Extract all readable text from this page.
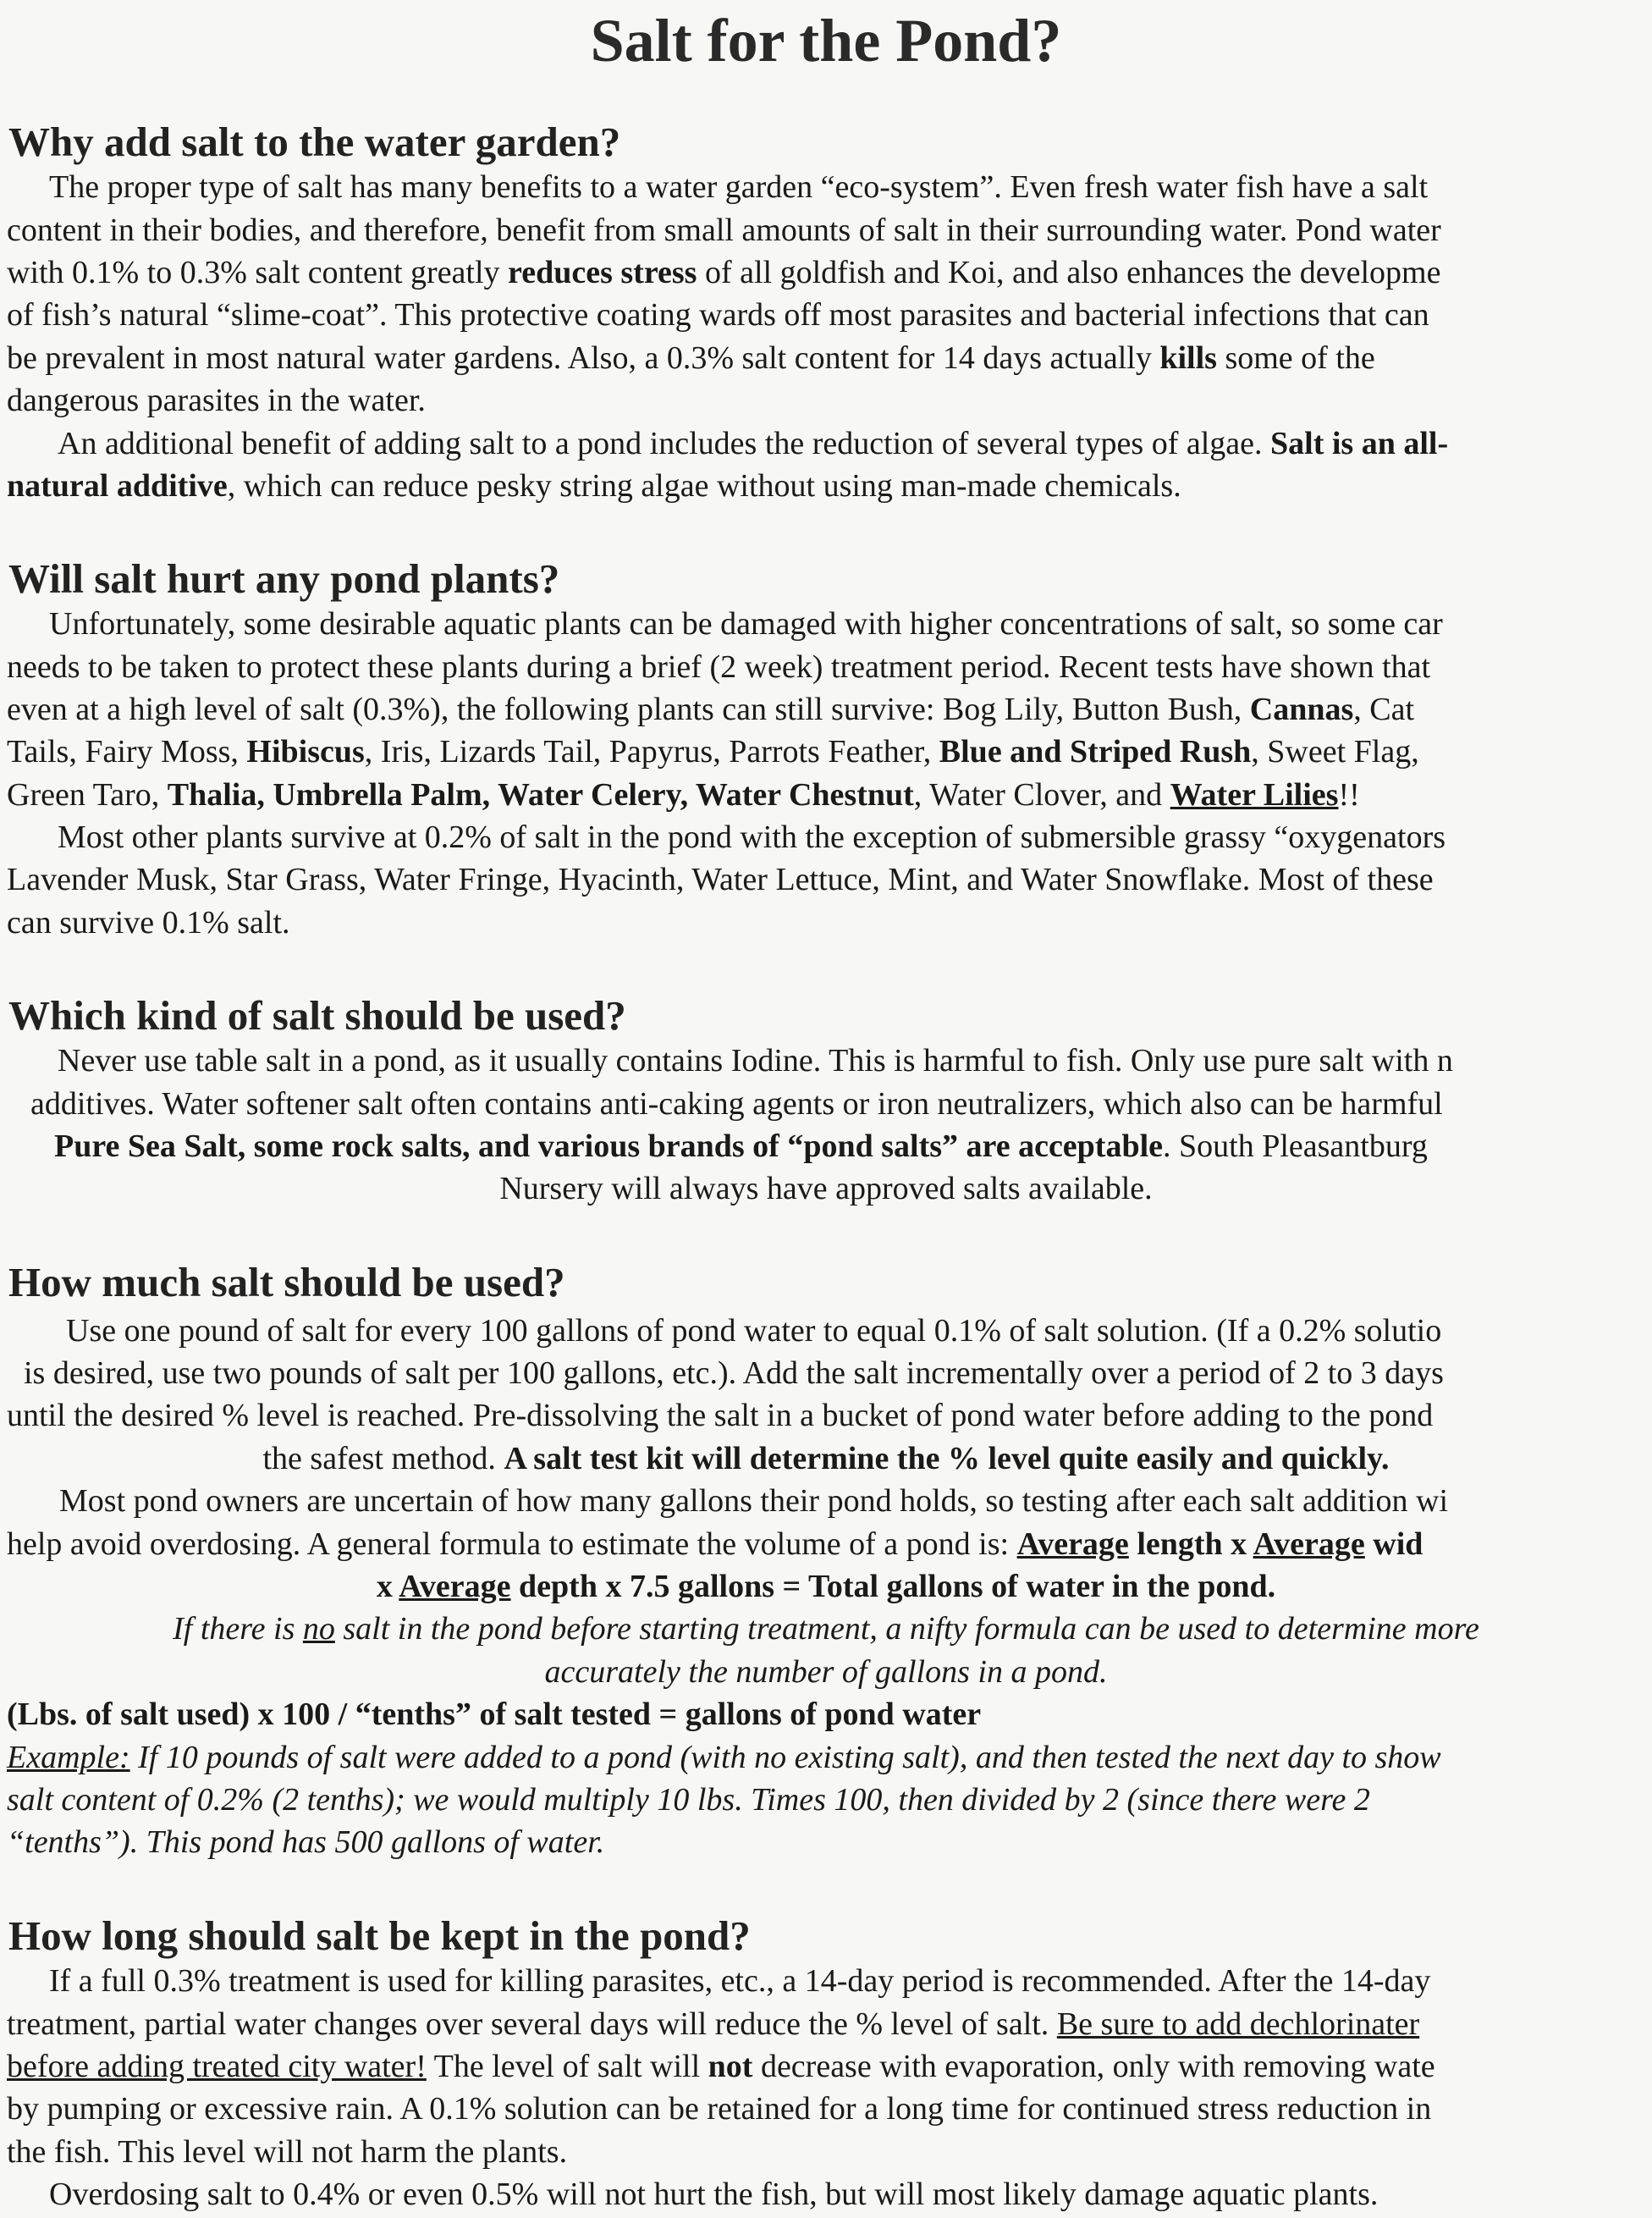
Salt for the Pond?
Why add salt to the water garden?

The proper type of salt has many benefits to a water garden “eco-system”. Even fresh water fish have a salt

content in their bodies, and therefore, benefit from small amounts of salt in their surrounding water. Pond water

with 0.1% to 0.3% salt content greatly reduces stress of all goldfish and Koi, and also enhances the developme

of fish’s natural “slime-coat”. This protective coating wards off most parasites and bacterial infections that can

be prevalent in most natural water gardens. Also, a 0.3% salt content for 14 days actually kills some of the

dangerous parasites in the water.

An additional benefit of adding salt to a pond includes the reduction of several types of algae. Salt is an all-

natural additive, which can reduce pesky string algae without using man-made chemicals.

Will salt hurt any pond plants?

Unfortunately, some desirable aquatic plants can be damaged with higher concentrations of salt, so some car

needs to be taken to protect these plants during a brief (2 week) treatment period. Recent tests have shown that

even at a high level of salt (0.3%), the following plants can still survive: Bog Lily, Button Bush, Cannas, Cat

Tails, Fairy Moss, Hibiscus, Iris, Lizards Tail, Papyrus, Parrots Feather, Blue and Striped Rush, Sweet Flag,

Green Taro, Thalia, Umbrella Palm, Water Celery, Water Chestnut, Water Clover, and Water Lilies!!

Most other plants survive at 0.2% of salt in the pond with the exception of submersible grassy “oxygenators

Lavender Musk, Star Grass, Water Fringe, Hyacinth, Water Lettuce, Mint, and Water Snowflake. Most of these

can survive 0.1% salt.

Which kind of salt should be used?

Never use table salt in a pond, as it usually contains Iodine. This is harmful to fish. Only use pure salt with n

additives. Water softener salt often contains anti-caking agents or iron neutralizers, which also can be harmful

Pure Sea Salt, some rock salts, and various brands of “pond salts” are acceptable. South Pleasantburg

Nursery will always have approved salts available.

How much salt should be used?

Use one pound of salt for every 100 gallons of pond water to equal 0.1% of salt solution. (If a 0.2% solutio

is desired, use two pounds of salt per 100 gallons, etc.). Add the salt incrementally over a period of 2 to 3 days

until the desired % level is reached. Pre-dissolving the salt in a bucket of pond water before adding to the pond

the safest method. A salt test kit will determine the % level quite easily and quickly.

Most pond owners are uncertain of how many gallons their pond holds, so testing after each salt addition wi

help avoid overdosing. A general formula to estimate the volume of a pond is: Average length x Average wid

x Average depth x 7.5 gallons = Total gallons of water in the pond.

If there is no salt in the pond before starting treatment, a nifty formula can be used to determine more

accurately the number of gallons in a pond.

(Lbs. of salt used) x 100 / “tenths” of salt tested = gallons of pond water

Example: If 10 pounds of salt were added to a pond (with no existing salt), and then tested the next day to show

salt content of 0.2% (2 tenths); we would multiply 10 lbs. Times 100, then divided by 2 (since there were 2

“tenths”). This pond has 500 gallons of water.

How long should salt be kept in the pond?

If a full 0.3% treatment is used for killing parasites, etc., a 14-day period is recommended. After the 14-day

treatment, partial water changes over several days will reduce the % level of salt. Be sure to add dechlorinater

before adding treated city water! The level of salt will not decrease with evaporation, only with removing wate

by pumping or excessive rain. A 0.1% solution can be retained for a long time for continued stress reduction in

the fish. This level will not harm the plants.

Overdosing salt to 0.4% or even 0.5% will not hurt the fish, but will most likely damage aquatic plants.
